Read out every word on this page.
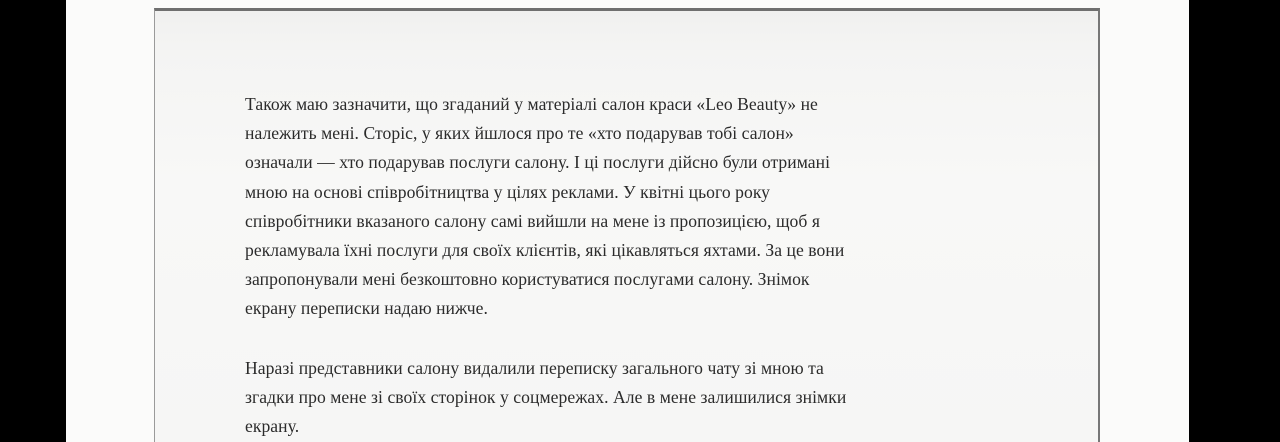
Також маю зазначити, що згаданий у матеріалі салон краси «Leo Beauty» не
належить мені. Сторіс, у яких йшлося про те «хто подарував тобі салон»
означали — хто подарував послуги салону. І ці послуги дійсно були отримані
мною на основі співробітництва у цілях реклами. У квітні цього року
співробітники вказаного салону самі вийшли на мене із пропозицією, щоб я
рекламувала їхні послуги для своїх клієнтів, які цікавляться яхтами. За це вони
запропонували мені безкоштовно користуватися послугами салону. Знімок
екрану переписки надаю нижче.
Наразі представники салону видалили переписку загального чату зі мною та
згадки про мене зі своїх сторінок у соцмережах. Але в мене залишилися знімки
екрану.
